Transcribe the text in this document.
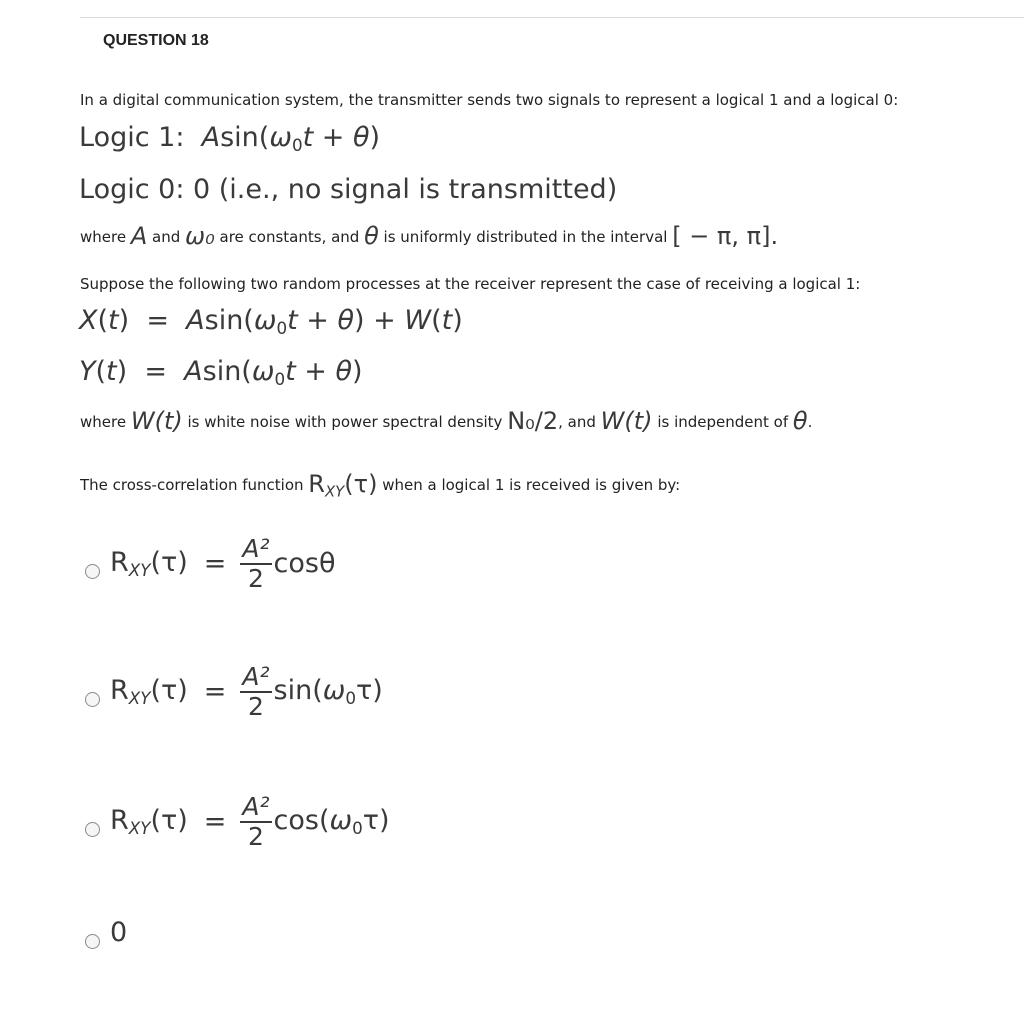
QUESTION 18
In a digital communication system, the transmitter sends two signals to represent a logical 1 and a logical 0:
Logic 1:  $Asin(\omega_0t + \theta)$
Logic 0: 0 (i.e., no signal is transmitted)
where A and ω₀ are constants, and θ is uniformly distributed in the interval [ − π, π].
Suppose the following two random processes at the receiver represent the case of receiving a logical 1:
$X(t) = Asin(\omega_0t + \theta) + W(t)$
$Y(t) = Asin(\omega_0t + \theta)$
where W(t) is white noise with power spectral density N₀/2, and W(t) is independent of θ.
The cross-correlation function $R_{XY}(\tau)$ when a logical 1 is received is given by:
$R_{XY}(\tau) = \frac{\text{A²}}{2}$ cosθ
$R_{XY}(\tau) = \frac{\text{A²}}{2} \sin(\omega_0\tau)$
$R_{XY}(\tau) = \frac{\text{A²}}{2} \cos(\omega_0\tau)$
0
